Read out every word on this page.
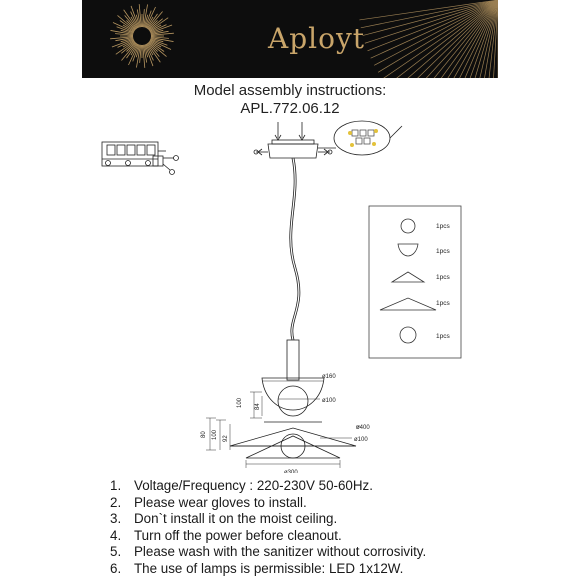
Aployt
Model assembly instructions:
APL.772.06.12
ø160
ø100
ø400
ø100
ø300
100 84
80 100 92
1pcs
1pcs
1pcs
1pcs
1pcs
1. Voltage/Frequency : 220-230V 50-60Hz.
2. Please wear gloves to install.
3. Don`t install it on the moist ceiling.
4. Turn off the power before cleanout.
5. Please wash with the sanitizer without corrosivity.
6. The use of lamps is permissible: LED 1x12W.
